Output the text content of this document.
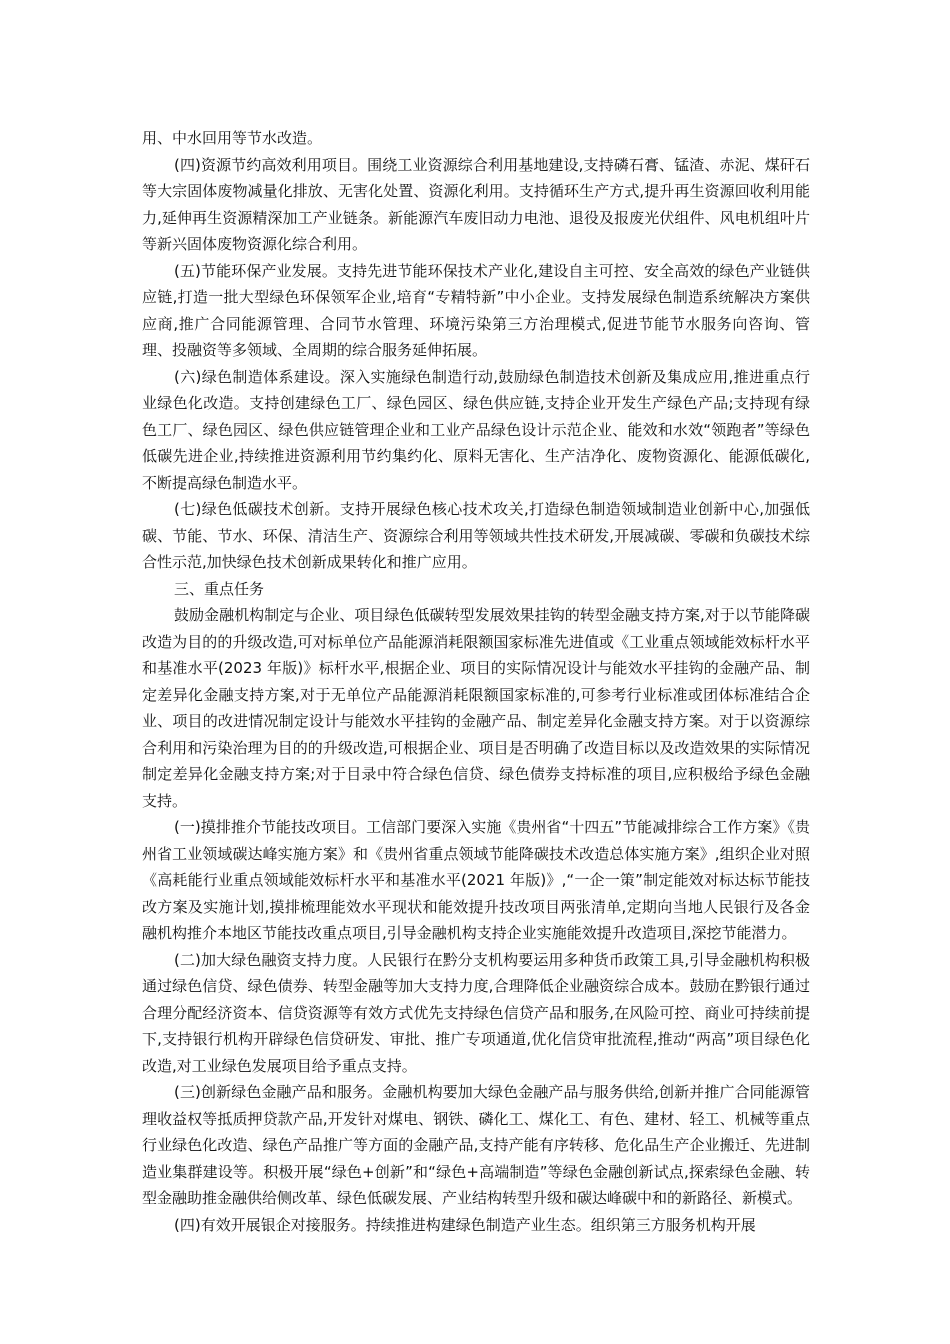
用、中水回用等节水改造。

(四)资源节约高效利用项目。围绕工业资源综合利用基地建设,支持磷石膏、锰渣、赤泥、煤矸石等大宗固体废物减量化排放、无害化处置、资源化利用。支持循环生产方式,提升再生资源回收利用能力,延伸再生资源精深加工产业链条。新能源汽车废旧动力电池、退役及报废光伏组件、风电机组叶片等新兴固体废物资源化综合利用。

(五)节能环保产业发展。支持先进节能环保技术产业化,建设自主可控、安全高效的绿色产业链供应链,打造一批大型绿色环保领军企业,培育“专精特新”中小企业。支持发展绿色制造系统解决方案供应商,推广合同能源管理、合同节水管理、环境污染第三方治理模式,促进节能节水服务向咨询、管理、投融资等多领域、全周期的综合服务延伸拓展。

(六)绿色制造体系建设。深入实施绿色制造行动,鼓励绿色制造技术创新及集成应用,推进重点行业绿色化改造。支持创建绿色工厂、绿色园区、绿色供应链,支持企业开发生产绿色产品;支持现有绿色工厂、绿色园区、绿色供应链管理企业和工业产品绿色设计示范企业、能效和水效“领跑者”等绿色低碳先进企业,持续推进资源利用节约集约化、原料无害化、生产洁净化、废物资源化、能源低碳化,不断提高绿色制造水平。

(七)绿色低碳技术创新。支持开展绿色核心技术攻关,打造绿色制造领域制造业创新中心,加强低碳、节能、节水、环保、清洁生产、资源综合利用等领域共性技术研发,开展减碳、零碳和负碳技术综合性示范,加快绿色技术创新成果转化和推广应用。

三、重点任务

鼓励金融机构制定与企业、项目绿色低碳转型发展效果挂钩的转型金融支持方案,对于以节能降碳改造为目的的升级改造,可对标单位产品能源消耗限额国家标准先进值或《工业重点领域能效标杆水平和基准水平(2023 年版)》标杆水平,根据企业、项目的实际情况设计与能效水平挂钩的金融产品、制定差异化金融支持方案,对于无单位产品能源消耗限额国家标准的,可参考行业标准或团体标准结合企业、项目的改进情况制定设计与能效水平挂钩的金融产品、制定差异化金融支持方案。对于以资源综合利用和污染治理为目的的升级改造,可根据企业、项目是否明确了改造目标以及改造效果的实际情况制定差异化金融支持方案;对于目录中符合绿色信贷、绿色债券支持标准的项目,应积极给予绿色金融支持。

(一)摸排推介节能技改项目。工信部门要深入实施《贵州省“十四五”节能减排综合工作方案》《贵州省工业领域碳达峰实施方案》和《贵州省重点领域节能降碳技术改造总体实施方案》,组织企业对照《高耗能行业重点领域能效标杆水平和基准水平(2021 年版)》,“一企一策”制定能效对标达标节能技改方案及实施计划,摸排梳理能效水平现状和能效提升技改项目两张清单,定期向当地人民银行及各金融机构推介本地区节能技改重点项目,引导金融机构支持企业实施能效提升改造项目,深挖节能潜力。

(二)加大绿色融资支持力度。人民银行在黔分支机构要运用多种货币政策工具,引导金融机构积极通过绿色信贷、绿色债券、转型金融等加大支持力度,合理降低企业融资综合成本。鼓励在黔银行通过合理分配经济资本、信贷资源等有效方式优先支持绿色信贷产品和服务,在风险可控、商业可持续前提下,支持银行机构开辟绿色信贷研发、审批、推广专项通道,优化信贷审批流程,推动“两高”项目绿色化改造,对工业绿色发展项目给予重点支持。

(三)创新绿色金融产品和服务。金融机构要加大绿色金融产品与服务供给,创新并推广合同能源管理收益权等抵质押贷款产品,开发针对煤电、钢铁、磷化工、煤化工、有色、建材、轻工、机械等重点行业绿色化改造、绿色产品推广等方面的金融产品,支持产能有序转移、危化品生产企业搬迁、先进制造业集群建设等。积极开展“绿色+创新”和“绿色+高端制造”等绿色金融创新试点,探索绿色金融、转型金融助推金融供给侧改革、绿色低碳发展、产业结构转型升级和碳达峰碳中和的新路径、新模式。

(四)有效开展银企对接服务。持续推进构建绿色制造产业生态。组织第三方服务机构开展
